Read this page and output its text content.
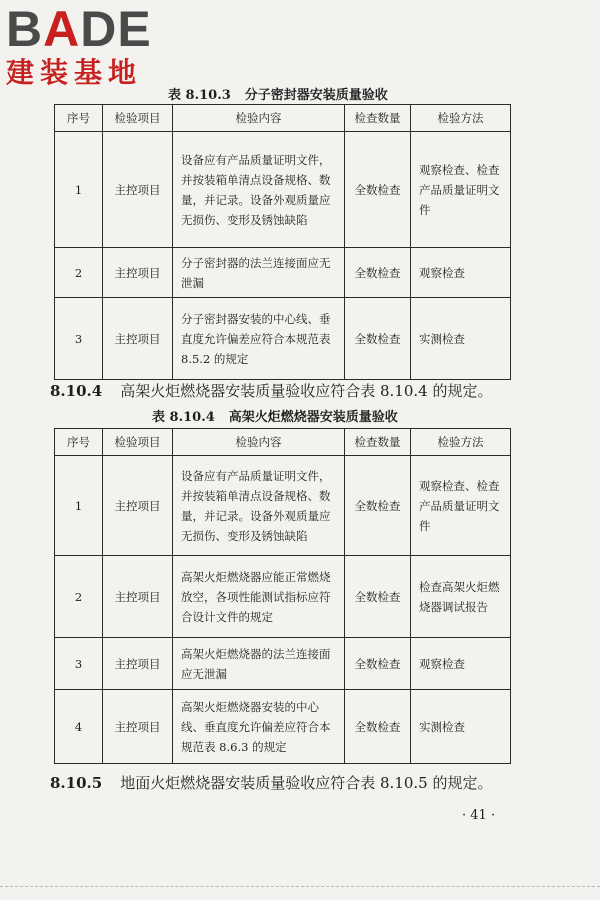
BADE
建装基地
表 8.10.3 分子密封器安装质量验收
序号	检验项目	检验内容	检查数量	检验方法
1	主控项目	设备应有产品质量证明文件，并按装箱单清点设备规格、数量，并记录。设备外观质量应无损伤、变形及锈蚀缺陷	全数检查	观察检查、检查产品质量证明文件
2	主控项目	分子密封器的法兰连接面应无泄漏	全数检查	观察检查
3	主控项目	分子密封器安装的中心线、垂直度允许偏差应符合本规范表 8.5.2 的规定	全数检查	实测检查
8.10.4 高架火炬燃烧器安装质量验收应符合表 8.10.4 的规定。
表 8.10.4 高架火炬燃烧器安装质量验收
序号	检验项目	检验内容	检查数量	检验方法
1	主控项目	设备应有产品质量证明文件，并按装箱单清点设备规格、数量，并记录。设备外观质量应无损伤、变形及锈蚀缺陷	全数检查	观察检查、检查产品质量证明文件
2	主控项目	高架火炬燃烧器应能正常燃烧放空，各项性能测试指标应符合设计文件的规定	全数检查	检查高架火炬燃烧器调试报告
3	主控项目	高架火炬燃烧器的法兰连接面应无泄漏	全数检查	观察检查
4	主控项目	高架火炬燃烧器安装的中心线、垂直度允许偏差应符合本规范表 8.6.3 的规定	全数检查	实测检查
8.10.5 地面火炬燃烧器安装质量验收应符合表 8.10.5 的规定。
· 41 ·
